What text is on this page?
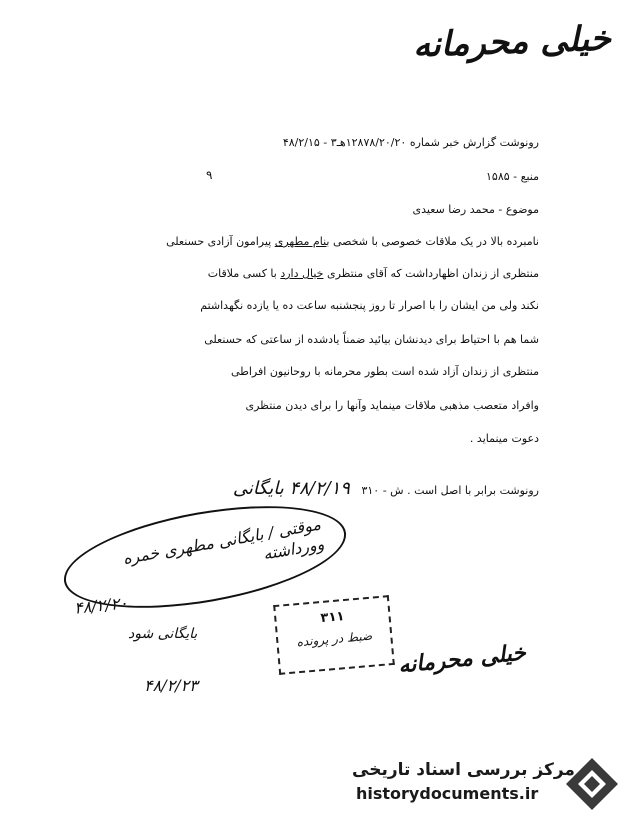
خیلی محرمانه
رونوشت گزارش خبر شماره ۱۲۸۷۸/۲۰/۲۰هـ۳ - ۴۸/۲/۱۵
۹	منبع - ۱۵۸۵
موضوع - محمد رضا سعیدی
نامبرده بالا در یک ملاقات خصوصی با شخصی بنام مطهری پیرامون آزادی حسنعلی
منتظری از زندان اظهارداشت که آقای منتظری خیال دارد با کسی ملاقات
نکند ولی من ایشان را با اصرار تا روز پنجشنبه ساعت ده یا یازده نگهداشتم
شما هم با احتیاط برای دیدنشان بیائید ضمناً یادشده از ساعتی که حسنعلی
منتظری از زندان آزاد شده است بطور محرمانه با روحانیون افراطی
وافراد متعصب مذهبی ملاقات مینماید وآنها را برای دیدن منتظری
دعوت مینماید .
رونوشت برابر با اصل است . ش - ۳۱۰ ۴۸/۲/۱۹ بایگانی
موقتی / بایگانی مطهری خمره وورداشته
۴۸/۲/۲۰
بایگانی شود
۴۸/۲/۲۳
۳۱۱
ضبط در پرونده
خیلی محرمانه
مرکز بررسی اسناد تاریخی
historydocuments.ir
